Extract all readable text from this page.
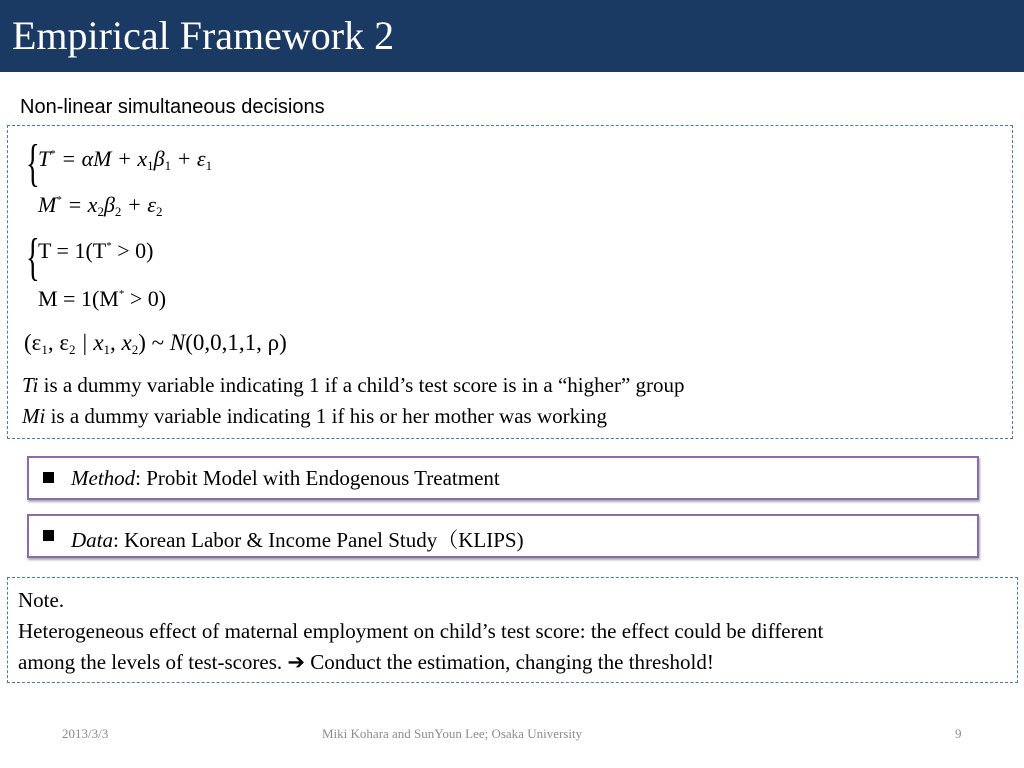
Empirical Framework 2
Non-linear simultaneous decisions
{
$T^* = \alpha M + x_1\beta_1 + \varepsilon_1$
$M^* = x_2\beta_2 + \varepsilon_2$
{
T = 1(T* > 0)
M = 1(M* > 0)
($\varepsilon_1$, $\varepsilon_2$ | $x_1$, $x_2$) ~ N(0,0,1,1, ρ)
Ti is a dummy variable indicating 1 if a child’s test score is in a “higher” group
Mi is a dummy variable indicating 1 if his or her mother was working
Method: Probit Model with Endogenous Treatment
Data: Korean Labor & Income Panel Study（KLIPS)
Note.
Heterogeneous effect of maternal employment on child’s test score: the effect could be different
among the levels of test-scores. ➔ Conduct the estimation, changing the threshold!
2013/3/3	Miki Kohara and SunYoun Lee; Osaka University	9
